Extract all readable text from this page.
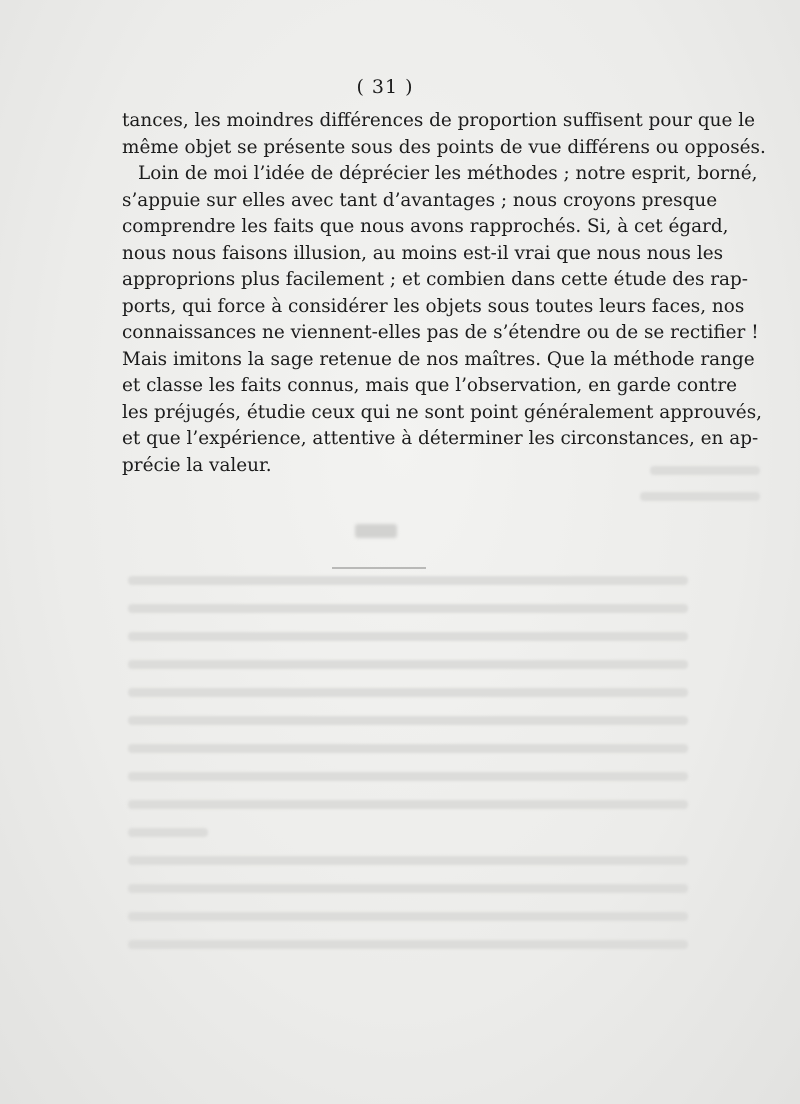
( 31 )
tances, les moindres différences de proportion suffisent pour que le
même objet se présente sous des points de vue différens ou opposés.
Loin de moi l’idée de déprécier les méthodes ; notre esprit, borné,
s’appuie sur elles avec tant d’avantages ; nous croyons presque
comprendre les faits que nous avons rapprochés. Si, à cet égard,
nous nous faisons illusion, au moins est-il vrai que nous nous les
approprions plus facilement ; et combien dans cette étude des rap-
ports, qui force à considérer les objets sous toutes leurs faces, nos
connaissances ne viennent-elles pas de s’étendre ou de se rectifier !
Mais imitons la sage retenue de nos maîtres. Que la méthode range
et classe les faits connus, mais que l’observation, en garde contre
les préjugés, étudie ceux qui ne sont point généralement approuvés,
et que l’expérience, attentive à déterminer les circonstances, en ap-
précie la valeur.
